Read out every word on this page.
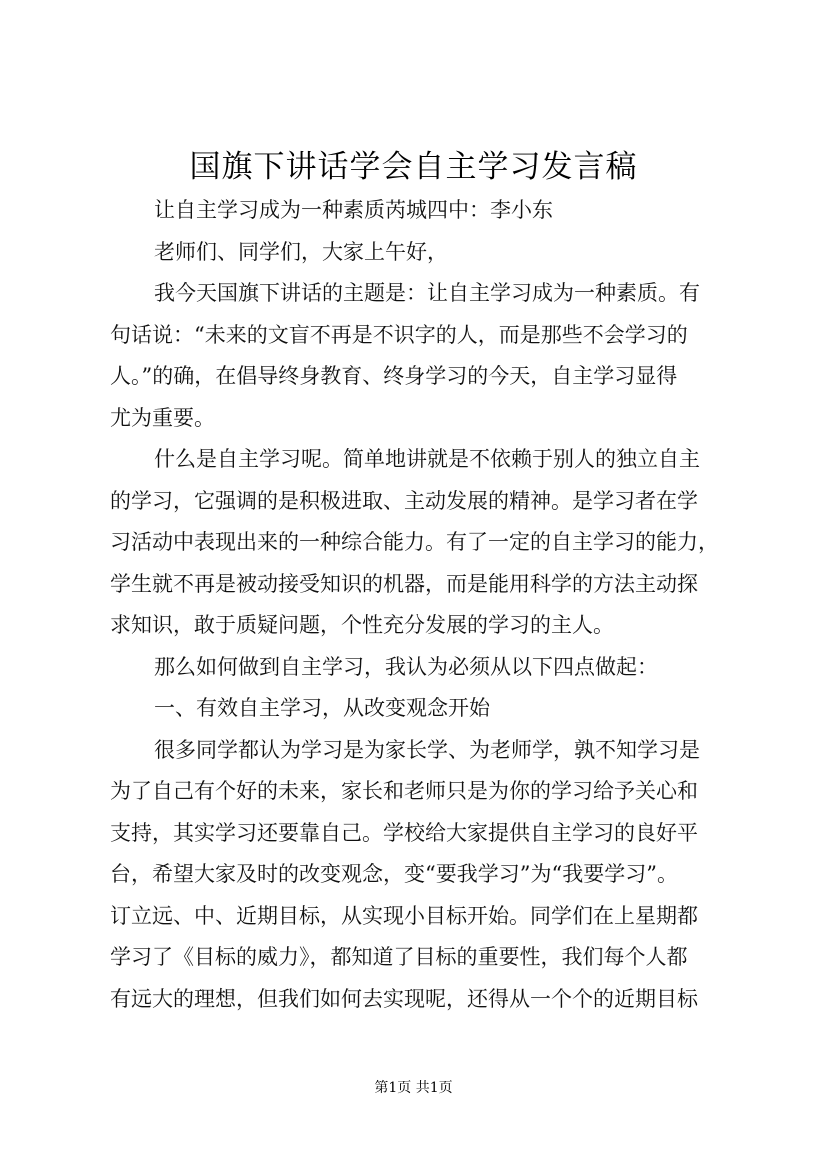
国旗下讲话学会自主学习发言稿
让自主学习成为一种素质芮城四中：李小东
老师们、同学们，大家上午好，
我今天国旗下讲话的主题是：让自主学习成为一种素质。有
句话说：“未来的文盲不再是不识字的人，而是那些不会学习的
人。”的确，在倡导终身教育、终身学习的今天，自主学习显得
尤为重要。
什么是自主学习呢。简单地讲就是不依赖于别人的独立自主
的学习，它强调的是积极进取、主动发展的精神。是学习者在学
习活动中表现出来的一种综合能力。有了一定的自主学习的能力，
学生就不再是被动接受知识的机器，而是能用科学的方法主动探
求知识，敢于质疑问题，个性充分发展的学习的主人。
那么如何做到自主学习，我认为必须从以下四点做起：
一、有效自主学习，从改变观念开始
很多同学都认为学习是为家长学、为老师学，孰不知学习是
为了自己有个好的未来，家长和老师只是为你的学习给予关心和
支持，其实学习还要靠自己。学校给大家提供自主学习的良好平
台，希望大家及时的改变观念，变“要我学习”为“我要学习”。
订立远、中、近期目标，从实现小目标开始。同学们在上星期都
学习了《目标的威力》，都知道了目标的重要性，我们每个人都
有远大的理想，但我们如何去实现呢，还得从一个个的近期目标
第1页 共1页
